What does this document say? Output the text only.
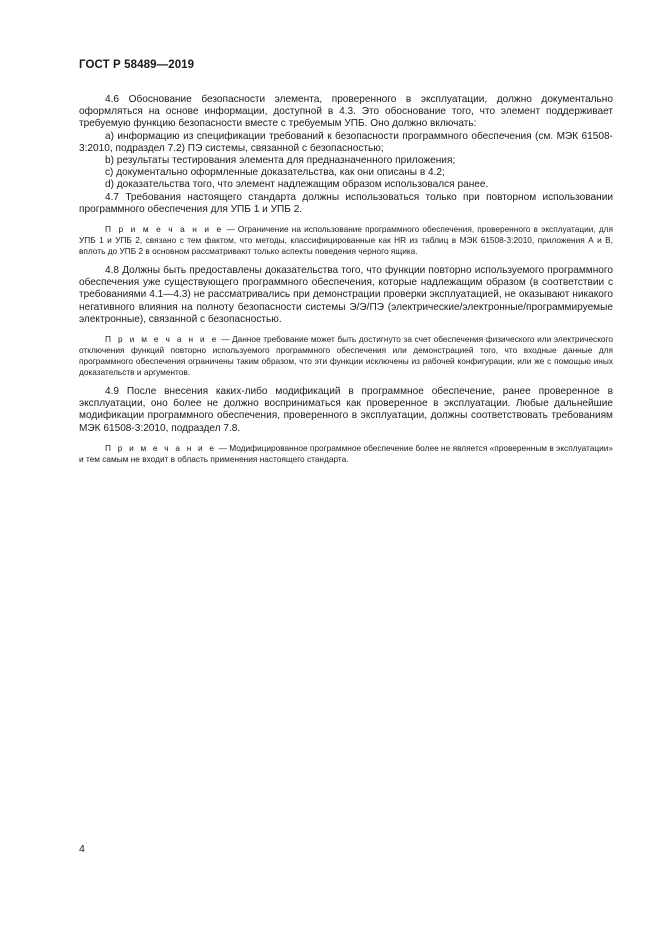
ГОСТ Р 58489—2019

4.6 Обоснование безопасности элемента, проверенного в эксплуатации, должно документально оформляться на основе информации, доступной в 4.3. Это обоснование того, что элемент поддерживает требуемую функцию безопасности вместе с требуемым УПБ. Оно должно включать:

а) информацию из спецификации требований к безопасности программного обеспечения (см. МЭК 61508-3:2010, подраздел 7.2) ПЭ системы, связанной с безопасностью;

b) результаты тестирования элемента для предназначенного приложения;

c) документально оформленные доказательства, как они описаны в 4.2;

d) доказательства того, что элемент надлежащим образом использовался ранее.

4.7 Требования настоящего стандарта должны использоваться только при повторном использовании программного обеспечения для УПБ 1 и УПБ 2.

П р и м е ч а н и е — Ограничение на использование программного обеспечения, проверенного в эксплуатации, для УПБ 1 и УПБ 2, связано с тем фактом, что методы, классифицированные как HR из таблиц в МЭК 61508-3:2010, приложения А и В, вплоть до УПБ 2 в основном рассматривают только аспекты поведения черного ящика.

4.8 Должны быть предоставлены доказательства того, что функции повторно используемого программного обеспечения уже существующего программного обеспечения, которые надлежащим образом (в соответствии с требованиями 4.1—4.3) не рассматривались при демонстрации проверки эксплуатацией, не оказывают никакого негативного влияния на полноту безопасности системы Э/Э/ПЭ (электрические/электронные/программируемые электронные), связанной с безопасностью.

П р и м е ч а н и е — Данное требование может быть достигнуто за счет обеспечения физического или электрического отключения функций повторно используемого программного обеспечения или демонстрацией того, что входные данные для программного обеспечения ограничены таким образом, что эти функции исключены из рабочей конфигурации, или же с помощью иных доказательств и аргументов.

4.9 После внесения каких-либо модификаций в программное обеспечение, ранее проверенное в эксплуатации, оно более не должно восприниматься как проверенное в эксплуатации. Любые дальнейшие модификации программного обеспечения, проверенного в эксплуатации, должны соответствовать требованиям МЭК 61508-3:2010, подраздел 7.8.

П р и м е ч а н и е — Модифицированное программное обеспечение более не является «проверенным в эксплуатации» и тем самым не входит в область применения настоящего стандарта.

4
